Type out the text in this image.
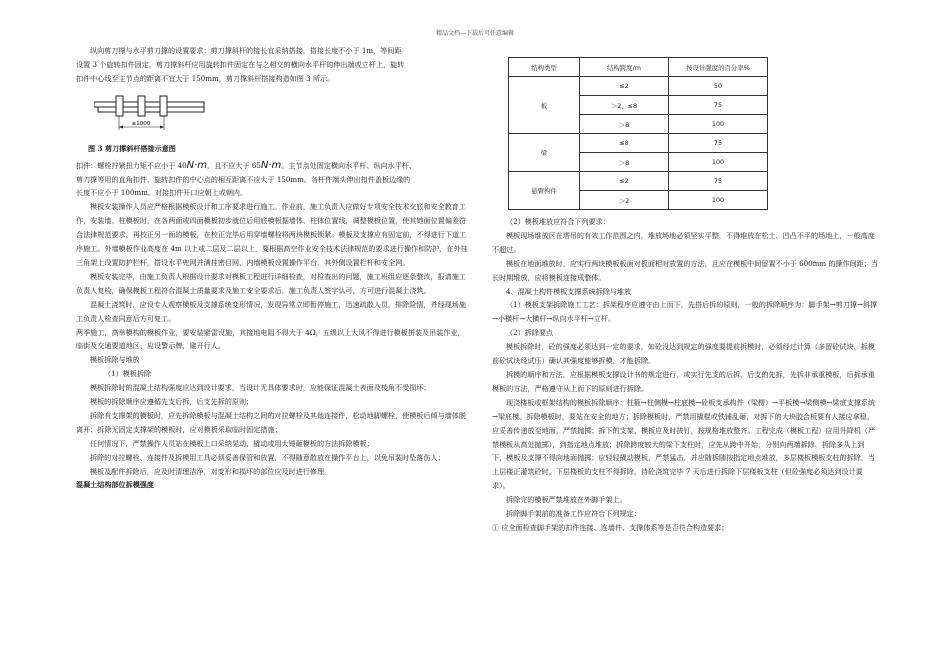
精品文档---下载后可任意编辑

纵向剪刀撑与水平剪刀撑的设置要求：剪刀撑斜杆的接长宜采纳搭接，搭接长度不小于 1m，等间距

设置 3 个旋转扣件固定，剪刀撑斜杆应用旋转扣件固定在与之相交的横向水平杆的伸出端或立杆上，旋转

扣件中心线至主节点的距离不宜大于 150mm，剪刀撑斜杆搭接构造如图 3 所示。

≥1000

图 3 剪刀撑斜杆搭接示意图

扣件：螺栓拧紧扭力矩不应小于 40N·m，且不应大于 65N·m。主节点处固定横向水平杆、纵向水平杆、

剪刀撑等用的直角扣件、旋转扣件的中心点的相互距离不应大于 150mm。各杆件端头伸出扣件盖板边缘的

长度不应小于 100mm。对接扣件开口应朝上或朝内。

模板安装操作人员应严格根据模板设计和工序要求进行施工。作业前，施工负责人应做好专项安全技术交底和安全教育工作，安装墙、柱模板时，在各两面或四面模板初步就位后用底模根据墙体、柱体位置线，调整模板位置，使其她面位置偏差符合法律规范要求，再校正另一面的模板，在校正完毕后用穿墙螺栓将两块模板锁紧。模板及支撑应有固定前，不得进行下道工序施工。外墙模板作业高度在 4m 以上或二层及二层以上，要根据高空作业安全技术法律规范的要求进行操作和防护，在外挂三角架上设置防护栏杆，搭设水平兜网并满挂密目网，内墙模板设置操作平台，其外侧设置栏杆和安全网。

模板安装完毕，由施工负责人根据设计要求对模板工程进行详细检查，对检查出的问题，施工班组应逐条整改，报请施工负责人复检，确保模板工程符合混凝土质量要求及施工安全要求后，施工负责人签字认可，方可进行混凝土浇筑。

混凝土浇筑时，应设专人观察模板及支撑系统变形情况，发现异常立即暂停施工，迅速疏散人员，排除险情，并经现场施工负责人检查同意后方可复工。

两季施工，高举模构的模板作业，要安装避雷设施，其接地电阻不得大于 4Ω，五级以上大风不得进行模板拼装及吊装作业，临街及交通要道地区，应设警示牌，避开行人。

模板拆除与堆放

（1）模板拆除

模板拆除时的混凝土结构强度应达到设计要求，当设计无具体要求时，应能保证混凝土表面及棱角不受损坏；

模板的拆除顺序应遵循先支后拆，后支先拆的原则；

拆除有支撑架的模板时，应先拆除模板与混凝土结构之间的对拉螺栓及其他连接件，松动地脚螺栓，使模板后倾与墙体脱离开；拆除无固定支撑架的模板时，应对模板采取临时固定措施；

任何情况下，严禁操作人员站在模板上口采纳晃动、撬动或用大锤砸模板的方法拆除模板；

拆除的对拉螺栓、连接件及拆模用工具必须妥善保管和放置，不得随意散放在操作平台上，以免吊装时坠落伤人；

模板及配件拆除后，应及时清理洁净，对变形和损坏的部位应及时进行修理。

混凝土结构部位拆模强度

结构类型	结构跨度/m	按设计强度的百分率%
板	≤2	50
	＞2，≤8	75
	＞8	100
梁	≤8	75
	＞8	100
悬臂构件	≤2	75
	＞2	100

（2）模板堆放应符合下列要求：

模板现场堆放区在塔吊的有效工作范围之内，堆放场地必须坚实平整，不得堆放在松土、凹凸不平的场地上，一般高度不超过。

模板在地面堆放时，应实行两块模板板面对板面相对放置的方法，且应在模板中间留置不小于 600mm 的操作间距；当长时期堆放，应将模板连接成整体。

4、混凝土构件模板支撑系统拆除与堆放

（1）模板支架拆除施工工艺：拆架程序应遵守由上而下，先搭后拆的原则，一般的拆除顺序为：脚手架→剪刀撑→斜撑→小横杆→大横杆→纵向水平杆→立杆。

（2）拆除要点

模板拆除时，砼的强度必须达到一定的要求，如砼没达到规定的强度要提前拆模时，必须经过计算（多留砼试块，拆模前砼试块经试压）确认其强度能够拆模，才能拆除。

拆模的顺序和方法，应根据模板支撑设计书的规定进行，或实行先支的后拆，后支的先拆，先拆非承重模板，后拆承重模板的方法，严格遵守从上而下的原则进行拆除。

现浇楼板或框架结构的模板拆除顺序：柱箍→柱侧模→柱底模→砼板支承构件（梁楞）→平板模→梁侧模→梁底支撑系统→梁底模。拆除模板时，要站在安全的地方；拆除模板时，严禁用撬棍或铁锤乱砸，对拆下的大块胶合板要有人接应拿稳，应妥善传递放至地面，严禁抛掷；拆下的支架、模板应及时拔钉，按规格堆放整齐。工程完成（模板工程）应用升降机（严禁模板从高处抛掷），到指定地点堆放；拆除跨度较大的梁下支柱时，应先从跨中开始，分别向两端拆除，拆除多从上到下，模板及支撑不得向地面抛掷；应轻轻撬动模板，严禁猛击，并应随拆随按指定地点堆放，多层楼板模板支柱的拆除，当上层楼正灌筑砼时，下层楼板的支柱不得拆除，待砼浇筑完毕 7 天后进行拆除下层楼板支柱（但砼强度必须达到设计要求）。

拆除完的模板严禁堆放在外脚手架上。

拆除脚手架前的准备工作应符合下列规定：

① 应全面检查脚手架的扣件连接、连墙件、支撑体系等是否符合构造要求；
